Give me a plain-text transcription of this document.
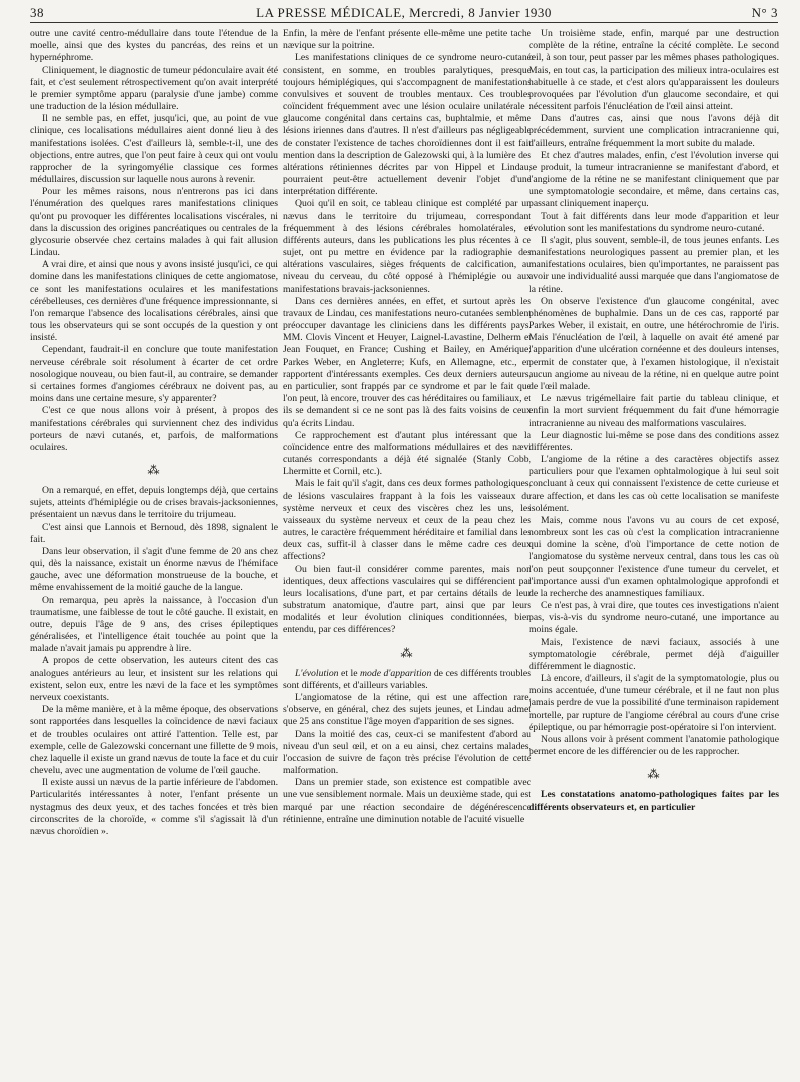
38	LA PRESSE MÉDICALE, Mercredi, 8 Janvier 1930	N° 3

outre une cavité centro-médullaire dans toute l'étendue de la moelle, ainsi que des kystes du pancréas, des reins et un hypernéphrome.

Cliniquement, le diagnostic de tumeur pédonculaire avait été fait, et c'est seulement rétrospectivement qu'on avait interprété le premier symptôme apparu (paralysie d'une jambe) comme une traduction de la lésion médullaire.

Il ne semble pas, en effet, jusqu'ici, que, au point de vue clinique, ces localisations médullaires aient donné lieu à des manifestations isolées. C'est d'ailleurs là, semble-t-il, une des objections, entre autres, que l'on peut faire à ceux qui ont voulu rapprocher de la syringomyélie classique ces formes médullaires, discussion sur laquelle nous aurons à revenir.

Pour les mêmes raisons, nous n'entrerons pas ici dans l'énumération des quelques rares manifestations cliniques qu'ont pu provoquer les différentes localisations viscérales, ni dans la discussion des origines pancréatiques ou centrales de la glycosurie observée chez certains malades à qui fait allusion Lindau.

A vrai dire, et ainsi que nous y avons insisté jusqu'ici, ce qui domine dans les manifestations cliniques de cette angiomatose, ce sont les manifestations oculaires et les manifestations cérébelleuses, ces dernières d'une fréquence impressionnante, si l'on remarque l'absence des localisations cérébrales, ainsi que tous les observateurs qui se sont occupés de la question y ont insisté.

Cependant, faudrait-il en conclure que toute manifestation nerveuse cérébrale soit résolument à écarter de cet ordre nosologique nouveau, ou bien faut-il, au contraire, se demander si certaines formes d'angiomes cérébraux ne doivent pas, au moins dans une certaine mesure, s'y apparenter?

C'est ce que nous allons voir à présent, à propos des manifestations cérébrales qui surviennent chez des individus porteurs de nævi cutanés, et, parfois, de malformations oculaires.

⁂

On a remarqué, en effet, depuis longtemps déjà, que certains sujets, atteints d'hémiplégie ou de crises bravais-jacksoniennes, présentaient un nævus dans le territoire du trijumeau.

C'est ainsi que Lannois et Bernoud, dès 1898, signalent le fait.

Dans leur observation, il s'agit d'une femme de 20 ans chez qui, dès la naissance, existait un énorme nævus de l'hémiface gauche, avec une déformation monstrueuse de la bouche, et même envahissement de la moitié gauche de la langue.

On remarqua, peu après la naissance, à l'occasion d'un traumatisme, une faiblesse de tout le côté gauche. Il existait, en outre, depuis l'âge de 9 ans, des crises épileptiques généralisées, et l'intelligence était touchée au point que la malade n'avait jamais pu apprendre à lire.

A propos de cette observation, les auteurs citent des cas analogues antérieurs au leur, et insistent sur les relations qui existent, selon eux, entre les nævi de la face et les symptômes nerveux coexistants.

De la même manière, et à la même époque, des observations sont rapportées dans lesquelles la coïncidence de nævi faciaux et de troubles oculaires ont attiré l'attention. Telle est, par exemple, celle de Galezowski concernant une fillette de 9 mois, chez laquelle il existe un grand nævus de toute la face et du cuir chevelu, avec une augmentation de volume de l'œil gauche.

Il existe aussi un nævus de la partie inférieure de l'abdomen. Particularités intéressantes à noter, l'enfant présente un nystagmus des deux yeux, et des taches foncées et très bien circonscrites de la choroïde, « comme s'il s'agissait là d'un nævus choroïdien ».

Enfin, la mère de l'enfant présente elle-même une petite tache nævique sur la poitrine.

Les manifestations cliniques de ce syndrome neuro-cutané consistent, en somme, en troubles paralytiques, presque toujours hémiplégiques, qui s'accompagnent de manifestations convulsives et souvent de troubles mentaux. Ces troubles coïncident fréquemment avec une lésion oculaire unilatérale : glaucome congénital dans certains cas, buphtalmie, et même lésions iriennes dans d'autres. Il n'est d'ailleurs pas négligeable de constater l'existence de taches choroïdiennes dont il est fait mention dans la description de Galezowski qui, à la lumière des altérations rétiniennes décrites par von Hippel et Lindau, pourraient peut-être actuellement devenir l'objet d'une interprétation différente.

Quoi qu'il en soit, ce tableau clinique est complété par un nævus dans le territoire du trijumeau, correspondant fréquemment à des lésions cérébrales homolatérales, et différents auteurs, dans les publications les plus récentes à ce sujet, ont pu mettre en évidence par la radiographie des altérations vasculaires, sièges fréquents de calcification, au niveau du cerveau, du côté opposé à l'hémiplégie ou aux manifestations bravais-jacksoniennes.

Dans ces dernières années, en effet, et surtout après les travaux de Lindau, ces manifestations neuro-cutanées semblent préoccuper davantage les cliniciens dans les différents pays. MM. Clovis Vincent et Heuyer, Laignel-Lavastine, Delherm et Jean Fouquet, en France; Cushing et Bailey, en Amérique; Parkes Weber, en Angleterre; Kufs, en Allemagne, etc., en rapportent d'intéressants exemples. Ces deux derniers auteurs, en particulier, sont frappés par ce syndrome et par le fait que l'on peut, là encore, trouver des cas héréditaires ou familiaux, et ils se demandent si ce ne sont pas là des faits voisins de ceux qu'a écrits Lindau.

Ce rapprochement est d'autant plus intéressant que la coïncidence entre des malformations médullaires et des nævi cutanés correspondants a déjà été signalée (Stanly Cobb, Lhermitte et Cornil, etc.).

Mais le fait qu'il s'agit, dans ces deux formes pathologiques, de lésions vasculaires frappant à la fois les vaisseaux du système nerveux et ceux des viscères chez les uns, les vaisseaux du système nerveux et ceux de la peau chez les autres, le caractère fréquemment héréditaire et familial dans les deux cas, suffit-il à classer dans le même cadre ces deux affections?

Ou bien faut-il considérer comme parentes, mais non identiques, deux affections vasculaires qui se différencient par leurs localisations, d'une part, et par certains détails de leur substratum anatomique, d'autre part, ainsi que par leurs modalités et leur évolution cliniques conditionnées, bien entendu, par ces différences?

⁂

L'évolution et le mode d'apparition de ces différents troubles sont différents, et d'ailleurs variables.

L'angiomatose de la rétine, qui est une affection rare, s'observe, en général, chez des sujets jeunes, et Lindau admet que 25 ans constitue l'âge moyen d'apparition de ses signes.

Dans la moitié des cas, ceux-ci se manifestent d'abord au niveau d'un seul œil, et on a eu ainsi, chez certains malades, l'occasion de suivre de façon très précise l'évolution de cette malformation.

Dans un premier stade, son existence est compatible avec une vue sensiblement normale. Mais un deuxième stade, qui est marqué par une réaction secondaire de dégénérescence rétinienne, entraîne une diminution notable de l'acuité visuelle

Un troisième stade, enfin, marqué par une destruction complète de la rétine, entraîne la cécité complète. Le second œil, à son tour, peut passer par les mêmes phases pathologiques. Mais, en tout cas, la participation des milieux intra-oculaires est habituelle à ce stade, et c'est alors qu'apparaissent les douleurs provoquées par l'évolution d'un glaucome secondaire, et qui nécessitent parfois l'énucléation de l'œil ainsi atteint.

Dans d'autres cas, ainsi que nous l'avons déjà dit précédemment, survient une complication intracranienne qui, d'ailleurs, entraîne fréquemment la mort subite du malade.

Et chez d'autres malades, enfin, c'est l'évolution inverse qui se produit, la tumeur intracranienne se manifestant d'abord, et l'angiome de la rétine ne se manifestant cliniquement que par une symptomatologie secondaire, et même, dans certains cas, passant cliniquement inaperçu.

Tout à fait différents dans leur mode d'apparition et leur évolution sont les manifestations du syndrome neuro-cutané.

Il s'agit, plus souvent, semble-il, de tous jeunes enfants. Les manifestations neurologiques passent au premier plan, et les manifestations oculaires, bien qu'importantes, ne paraissent pas avoir une individualité aussi marquée que dans l'angiomatose de la rétine.

On observe l'existence d'un glaucome congénital, avec phénomènes de buphalmie. Dans un de ces cas, rapporté par Parkes Weber, il existait, en outre, une hétérochromie de l'iris. Mais l'énucléation de l'œil, à laquelle on avait été amené par l'apparition d'une ulcération cornéenne et des douleurs intenses, permit de constater que, à l'examen histologique, il n'existait aucun angiome au niveau de la rétine, ni en quelque autre point de l'œil malade.

Le nævus trigémellaire fait partie du tableau clinique, et enfin la mort survient fréquemment du fait d'une hémorragie intracranienne au niveau des malformations vasculaires.

Leur diagnostic lui-même se pose dans des conditions assez différentes.

L'angiome de la rétine a des caractères objectifs assez particuliers pour que l'examen ophtalmologique à lui seul soit concluant à ceux qui connaissent l'existence de cette curieuse et rare affection, et dans les cas où cette localisation se manifeste isolément.

Mais, comme nous l'avons vu au cours de cet exposé, nombreux sont les cas où c'est la complication intracranienne qui domine la scène, d'où l'importance de cette notion de l'angiomatose du système nerveux central, dans tous les cas où l'on peut soupçonner l'existence d'une tumeur du cervelet, et l'importance aussi d'un examen ophtalmologique approfondi et de la recherche des anamnestiques familiaux.

Ce n'est pas, à vrai dire, que toutes ces investigations n'aient pas, vis-à-vis du syndrome neuro-cutané, une importance au moins égale.

Mais, l'existence de nævi faciaux, associés à une symptomatologie cérébrale, permet déjà d'aiguiller différemment le diagnostic.

Là encore, d'ailleurs, il s'agit de la symptomatologie, plus ou moins accentuée, d'une tumeur cérébrale, et il ne faut non plus jamais perdre de vue la possibilité d'une terminaison rapidement mortelle, par rupture de l'angiome cérébral au cours d'une crise épileptique, ou par hémorragie post-opératoire si l'on intervient.

Nous allons voir à présent comment l'anatomie pathologique permet encore de les différencier ou de les rapprocher.

⁂

Les constatations anatomo-pathologiques faites par les différents observateurs et, en particulier
